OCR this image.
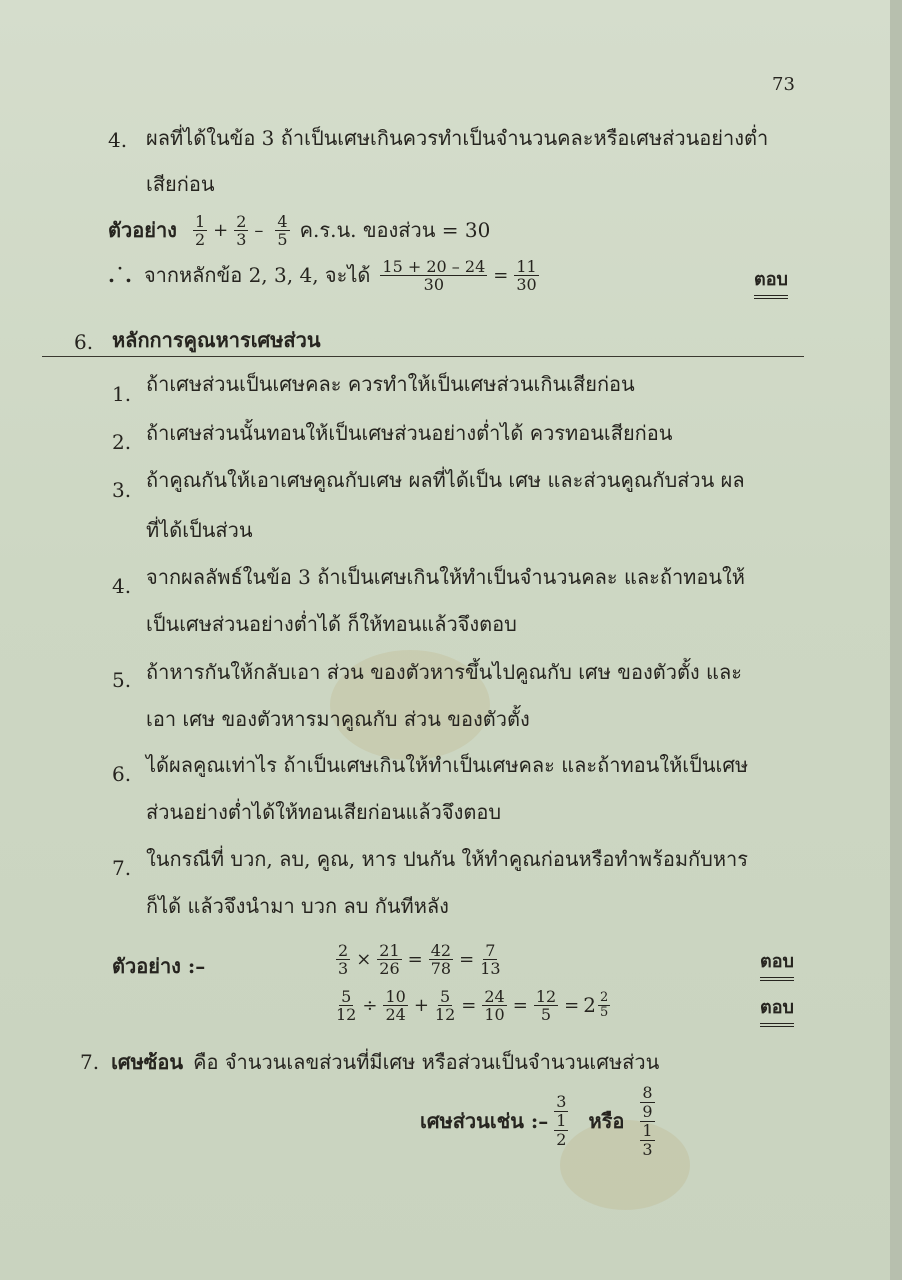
73
4. ผลที่ได้ในข้อ 3 ถ้าเป็นเศษเกินควรทำเป็นจำนวนคละหรือเศษส่วนอย่างต่ำ
เสียก่อน
ตัวอย่าง $\frac{1}{2} + \frac{2}{3} - \frac{4}{5}$ ค.ร.น. ของส่วน = 30
.˙. จากหลักข้อ 2, 3, 4, จะได้ $\frac{15 + 20 - 24}{30} = \frac{11}{30}$	ตอบ
6. หลักการคูณหารเศษส่วน
1. ถ้าเศษส่วนเป็นเศษคละ ควรทำให้เป็นเศษส่วนเกินเสียก่อน
2. ถ้าเศษส่วนนั้นทอนให้เป็นเศษส่วนอย่างต่ำได้ ควรทอนเสียก่อน
3. ถ้าคูณกันให้เอาเศษคูณกับเศษ ผลที่ได้เป็น เศษ และส่วนคูณกับส่วน ผล
ที่ได้เป็นส่วน
4. จากผลลัพธ์ในข้อ 3 ถ้าเป็นเศษเกินให้ทำเป็นจำนวนคละ และถ้าทอนให้
เป็นเศษส่วนอย่างต่ำได้ ก็ให้ทอนแล้วจึงตอบ
5. ถ้าหารกันให้กลับเอา ส่วน ของตัวหารขึ้นไปคูณกับ เศษ ของตัวตั้ง และ
เอา เศษ ของตัวหารมาคูณกับ ส่วน ของตัวตั้ง
6. ได้ผลคูณเท่าไร ถ้าเป็นเศษเกินให้ทำเป็นเศษคละ และถ้าทอนให้เป็นเศษ
ส่วนอย่างต่ำได้ให้ทอนเสียก่อนแล้วจึงตอบ
7. ในกรณีที่ บวก, ลบ, คูณ, หาร ปนกัน ให้ทำคูณก่อนหรือทำพร้อมกับหาร
ก็ได้ แล้วจึงนำมา บวก ลบ กันทีหลัง
ตัวอย่าง :–	$\frac{2}{3} \times \frac{21}{26} = \frac{42}{78} = \frac{7}{13}$	ตอบ
$\frac{5}{12} \div \frac{10}{24} + \frac{5}{12} = \frac{24}{10} = \frac{12}{5} = 2 \frac{2}{5}$	ตอบ
7. เศษซ้อน คือ จำนวนเลขส่วนที่มีเศษ หรือส่วนเป็นจำนวนเศษส่วน
เศษส่วนเช่น :–
3
1
2
หรือ
8
9
1
3
